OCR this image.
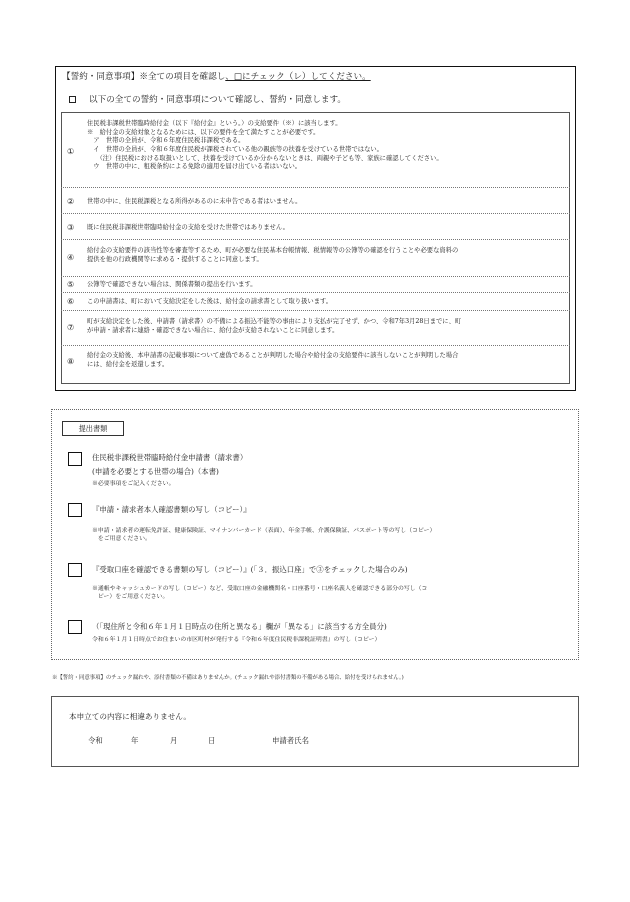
【誓約・同意事項】※全ての項目を確認し、□にチェック（レ）してください。
以下の全ての誓約・同意事項について確認し、誓約・同意します。
①
住民税非課税世帯臨時給付金（以下『給付金』という。）の支給要件（※）に該当します。
※　給付金の支給対象となるためには、以下の要件を全て満たすことが必要です。
　ア　世帯の全員が、令和６年度住民税非課税である。
　イ　世帯の全員が、令和６年度住民税が課税されている他の親族等の扶養を受けている世帯ではない。
　　（注）住民税における取扱いとして、扶養を受けているか分からないときは、両親や子ども等、家族に確認してください。
　ウ　世帯の中に、租税条約による免除の適用を届け出ている者はいない。
② 世帯の中に、住民税課税となる所得があるのに未申告である者はいません。
③ 既に住民税非課税世帯臨時給付金の支給を受けた世帯ではありません。
④
給付金の支給要件の該当性等を審査等するため、町が必要な住民基本台帳情報、税情報等の公簿等の確認を行うことや必要な資料の
提供を他の行政機関等に求める・提供することに同意します。
⑤ 公簿等で確認できない場合は、関係書類の提出を行います。
⑥ この申請書は、町において支給決定をした後は、給付金の請求書として取り扱います。
⑦
町が支給決定をした後、申請書（請求書）の不備による振込不能等の事由により支払が完了せず、かつ、令和7年3月28日までに、町
が申請・請求者に連絡・確認できない場合に、給付金が支給されないことに同意します。
⑧
給付金の支給後、本申請書の記載事項について虚偽であることが判明した場合や給付金の支給要件に該当しないことが判明した場合
には、給付金を返還します。
提出書類
住民税非課税世帯臨時給付金申請書（請求書）
(申請を必要とする世帯の場合)（本書)
※必要事項をご記入ください。
『申請・請求者本人確認書類の写し（コピー）』
※申請・請求者の運転免許証、健康保険証、マイナンバーカード（表面）、年金手帳、介護保険証、パスポート等の写し（コピー）
　をご用意ください。
『受取口座を確認できる書類の写し（コピー）』(「３．振込口座」で③をチェックした場合のみ)
※通帳やキャッシュカードの写し（コピー）など、受取口座の金融機関名・口座番号・口座名義人を確認できる部分の写し（コ
　ピー）をご用意ください。
（「現住所と令和６年１月１日時点の住所と異なる」欄が「異なる」に該当する方全員分)
令和６年１月１日時点でお住まいの市区町村が発行する『令和６年度住民税非課税証明書』の写し（コピー）
※【誓約・同意事項】のチェック漏れや、添付書類の不備はありませんか。(チェック漏れや添付書類の不備がある場合、給付を受けられません。)
本申立ての内容に相違ありません。
令和	年	月	日	申請者氏名
